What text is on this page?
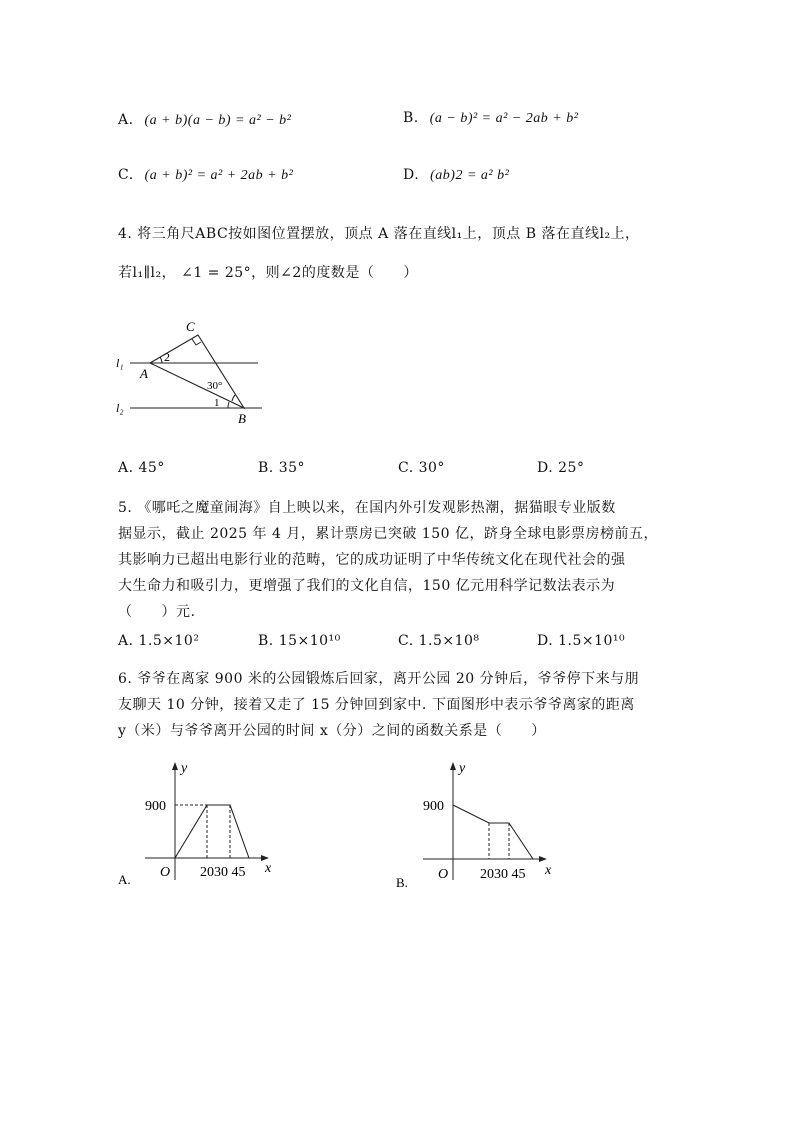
A. (a + b)(a − b) = a² − b²	B. (a − b)² = a² − 2ab + b²
C. (a + b)² = a² + 2ab + b²	D. (ab)2 = a² b²
4. 将三角尺ABC按如图位置摆放，顶点 A 落在直线l₁上，顶点 B 落在直线l₂上，
若l₁∥l₂， ∠1 = 25°，则∠2的度数是（　　）
C
A
B
2
1
30°
l₁
l₂
A. 45°	B. 35°	C. 30°	D. 25°
5. 《哪吒之魔童闹海》自上映以来，在国内外引发观影热潮，据猫眼专业版数
据显示，截止 2025 年 4 月，累计票房已突破 150 亿，跻身全球电影票房榜前五，
其影响力已超出电影行业的范畴，它的成功证明了中华传统文化在现代社会的强
大生命力和吸引力，更增强了我们的文化自信，150 亿元用科学记数法表示为
（　　）元.
A. 1.5×10²	B. 15×10¹⁰	C. 1.5×10⁸	D. 1.5×10¹⁰
6. 爷爷在离家 900 米的公园锻炼后回家，离开公园 20 分钟后，爷爷停下来与朋
友聊天 10 分钟，接着又走了 15 分钟回到家中. 下面图形中表示爷爷离家的距离
y（米）与爷爷离开公园的时间 x（分）之间的函数关系是（　　）
y
x
O
900
2030 45
A.
y
x
O
900
2030 45
B.
